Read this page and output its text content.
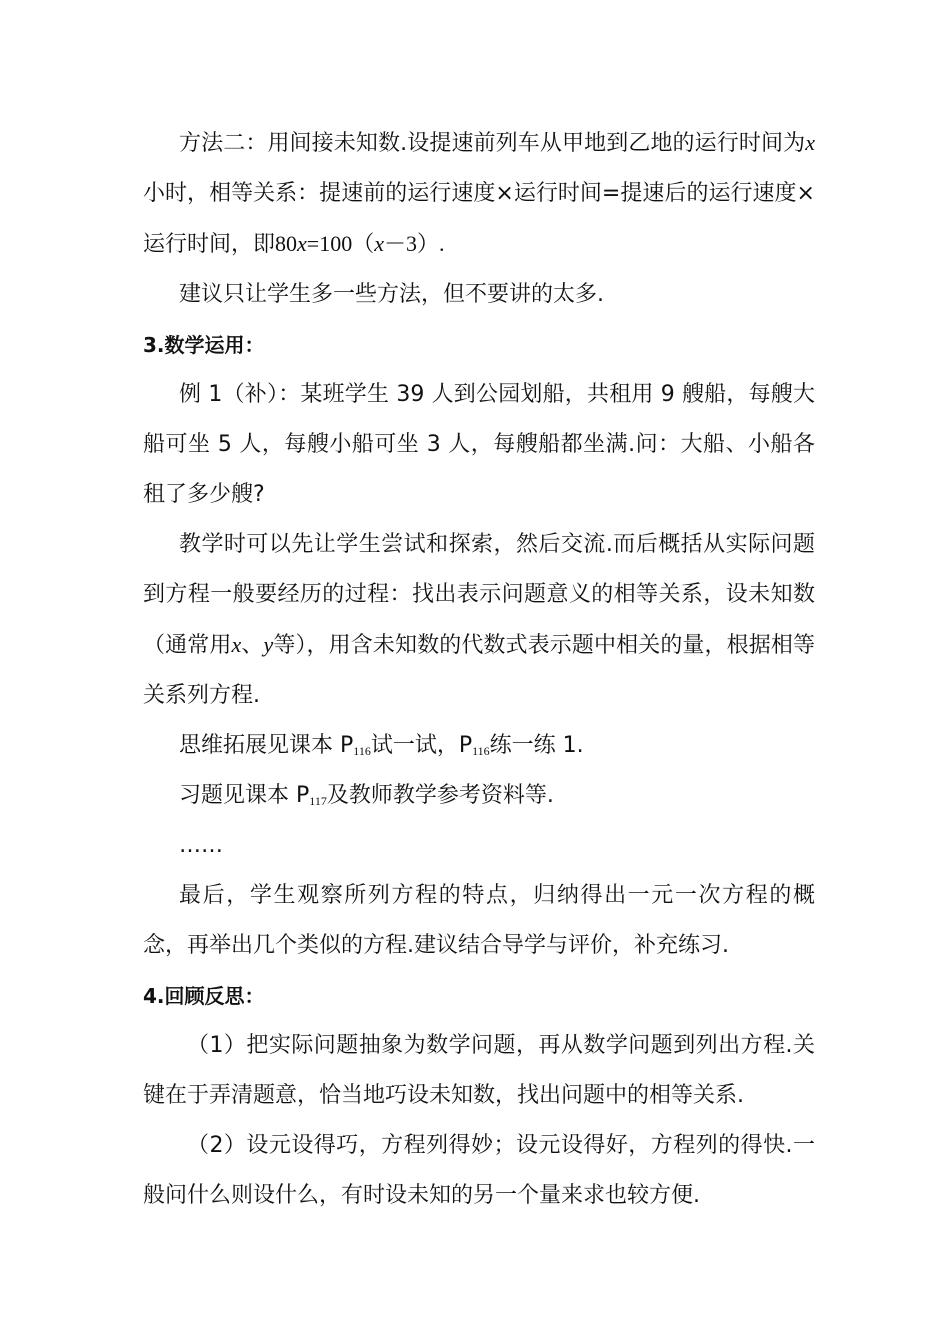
方法二：用间接未知数.设提速前列车从甲地到乙地的运行时间为x小时，相等关系：提速前的运行速度×运行时间=提速后的运行速度×运行时间，即80x=100（x－3）.

建议只让学生多一些方法，但不要讲的太多.

3.数学运用：

例 1（补）：某班学生 39 人到公园划船，共租用 9 艘船，每艘大船可坐 5 人，每艘小船可坐 3 人，每艘船都坐满.问：大船、小船各租了多少艘?

教学时可以先让学生尝试和探索，然后交流.而后概括从实际问题到方程一般要经历的过程：找出表示问题意义的相等关系，设未知数（通常用x、y等），用含未知数的代数式表示题中相关的量，根据相等关系列方程.

思维拓展见课本 $P_{116}$试一试，$P_{116}$练一练 1.

习题见课本 $P_{117}$及教师教学参考资料等.

……

最后，学生观察所列方程的特点，归纳得出一元一次方程的概念，再举出几个类似的方程.建议结合导学与评价，补充练习.

4.回顾反思：

（1）把实际问题抽象为数学问题，再从数学问题到列出方程.关键在于弄清题意，恰当地巧设未知数，找出问题中的相等关系.

（2）设元设得巧，方程列得妙；设元设得好，方程列的得快.一般问什么则设什么，有时设未知的另一个量来求也较方便.
